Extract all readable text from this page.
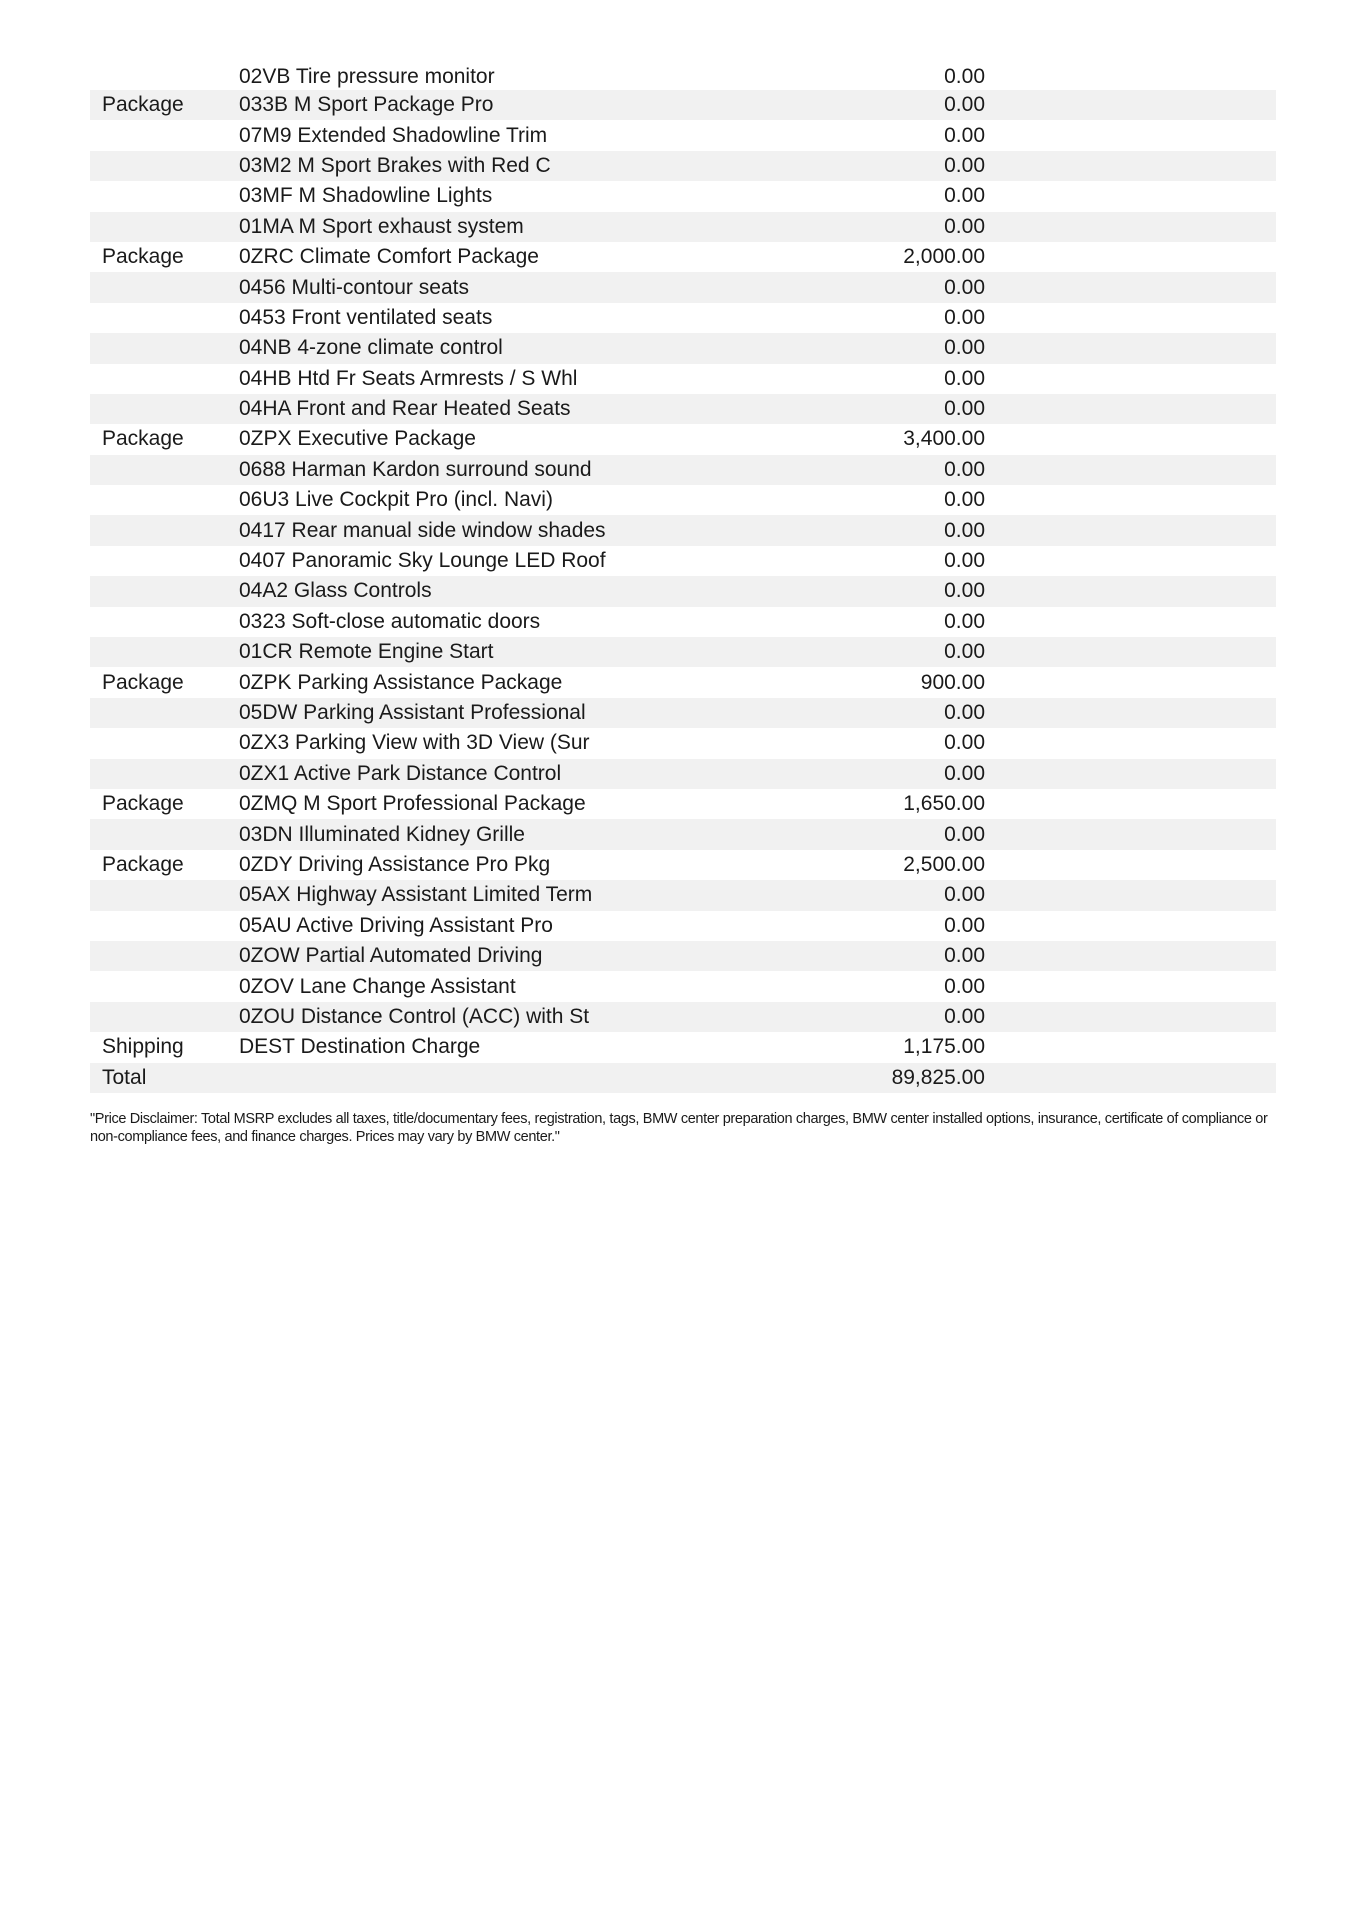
02VB Tire pressure monitor	0.00
Package	033B M Sport Package Pro	0.00
07M9 Extended Shadowline Trim	0.00
03M2 M Sport Brakes with Red C	0.00
03MF M Shadowline Lights	0.00
01MA M Sport exhaust system	0.00
Package	0ZRC Climate Comfort Package	2,000.00
0456 Multi-contour seats	0.00
0453 Front ventilated seats	0.00
04NB 4-zone climate control	0.00
04HB Htd Fr Seats Armrests / S Whl	0.00
04HA Front and Rear Heated Seats	0.00
Package	0ZPX Executive Package	3,400.00
0688 Harman Kardon surround sound	0.00
06U3 Live Cockpit Pro (incl. Navi)	0.00
0417 Rear manual side window shades	0.00
0407 Panoramic Sky Lounge LED Roof	0.00
04A2 Glass Controls	0.00
0323 Soft-close automatic doors	0.00
01CR Remote Engine Start	0.00
Package	0ZPK Parking Assistance Package	900.00
05DW Parking Assistant Professional	0.00
0ZX3 Parking View with 3D View (Sur	0.00
0ZX1 Active Park Distance Control	0.00
Package	0ZMQ M Sport Professional Package	1,650.00
03DN Illuminated Kidney Grille	0.00
Package	0ZDY Driving Assistance Pro Pkg	2,500.00
05AX Highway Assistant Limited Term	0.00
05AU Active Driving Assistant Pro	0.00
0ZOW Partial Automated Driving	0.00
0ZOV Lane Change Assistant	0.00
0ZOU Distance Control (ACC) with St	0.00
Shipping	DEST Destination Charge	1,175.00
Total	89,825.00
"Price Disclaimer: Total MSRP excludes all taxes, title/documentary fees, registration, tags, BMW center preparation charges, BMW center installed options, insurance, certificate of compliance or non-compliance fees, and finance charges. Prices may vary by BMW center."
